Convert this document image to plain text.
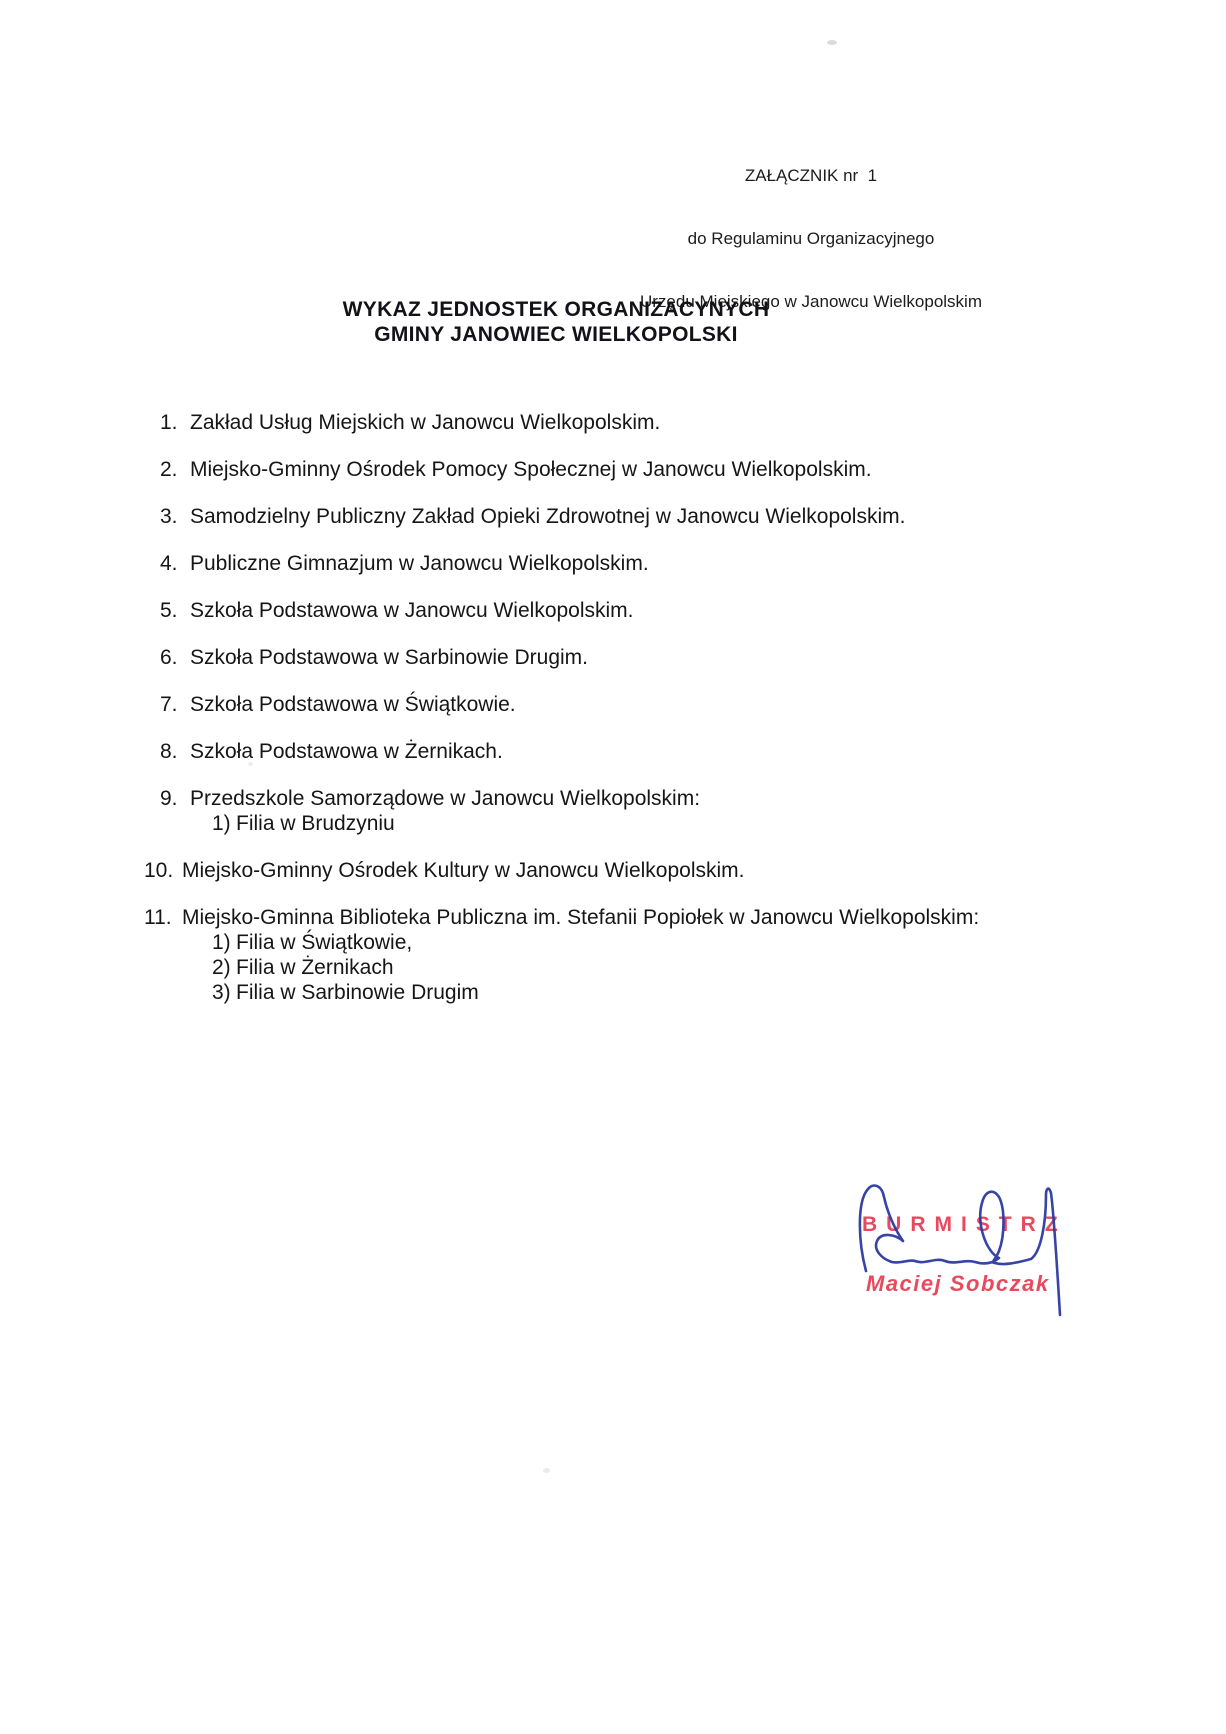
ZAŁĄCZNIK nr  1

do Regulaminu Organizacyjnego

Urzędu Miejskiego w Janowcu Wielkopolskim

WYKAZ JEDNOSTEK ORGANIZACYNYCH
GMINY JANOWIEC WIELKOPOLSKI
1. Zakład Usług Miejskich w Janowcu Wielkopolskim.
2. Miejsko-Gminny Ośrodek Pomocy Społecznej w Janowcu Wielkopolskim.
3. Samodzielny Publiczny Zakład Opieki Zdrowotnej w Janowcu Wielkopolskim.
4. Publiczne Gimnazjum w Janowcu Wielkopolskim.
5. Szkoła Podstawowa w Janowcu Wielkopolskim.
6. Szkoła Podstawowa w Sarbinowie Drugim.
7. Szkoła Podstawowa w Świątkowie.
8. Szkoła Podstawowa w Żernikach.
9. Przedszkole Samorządowe w Janowcu Wielkopolskim:
1) Filia w Brudzyniu
10. Miejsko-Gminny Ośrodek Kultury w Janowcu Wielkopolskim.
11. Miejsko-Gminna Biblioteka Publiczna im. Stefanii Popiołek w Janowcu Wielkopolskim:
1) Filia w Świątkowie,
2) Filia w Żernikach
3) Filia w Sarbinowie Drugim
BURMISTRZ
Maciej Sobczak
